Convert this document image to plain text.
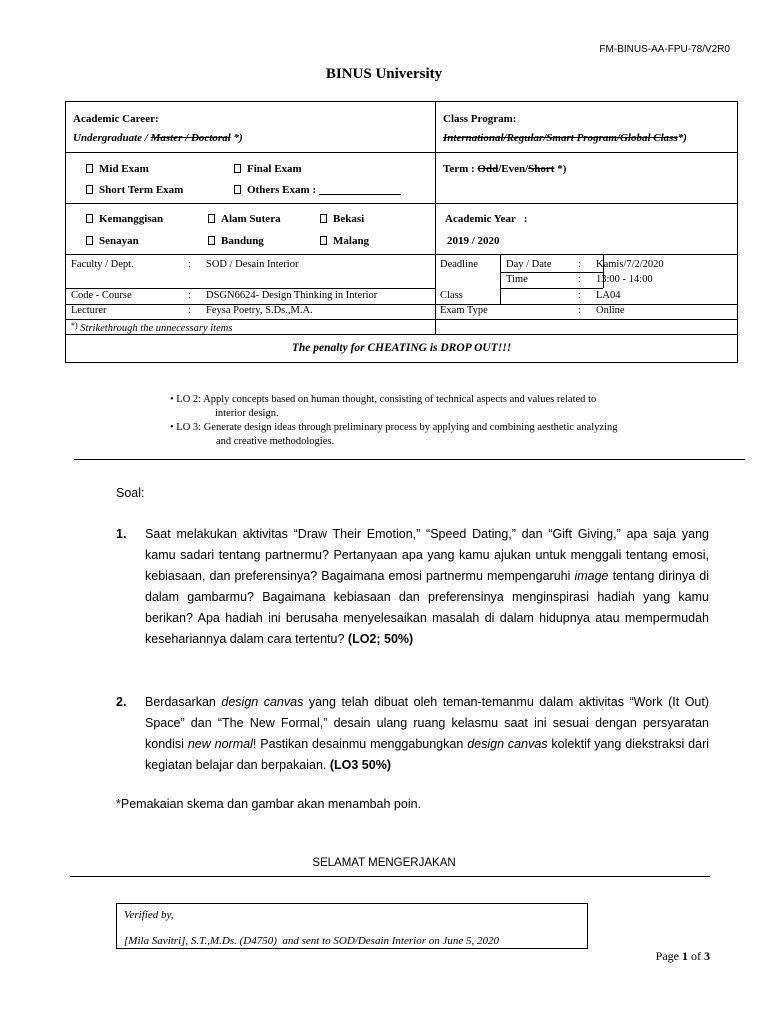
FM-BINUS-AA-FPU-78/V2R0
BINUS University
Academic Career:
Undergraduate / Master / Doctoral *)
Class Program:
International/Regular/Smart Program/Global Class*)
Mid Exam	Final Exam
Short Term Exam	Others Exam :
Term : Odd/Even/Short *)
Kemanggisan	Alam Sutera	Bekasi
Senayan	Bandung	Malang
Academic Year   :
2019 / 2020
Faculty / Dept.	: SOD / Desain Interior
Code - Course	: DSGN6624- Design Thinking in Interior
Lecturer	: Feysa Poetry, S.Ds.,M.A.
Deadline	Day / Date	: Kamis/7/2/2020
Time	: 13:00 - 14:00
Class	: LA04
Exam Type	: Online
*) Strikethrough the unnecessary items
The penalty for CHEATING is DROP OUT!!!
• LO 2: Apply concepts based on human thought, consisting of technical aspects and values related to
interior design.
• LO 3: Generate design ideas through preliminary process by applying and combining aesthetic analyzing
and creative methodologies.
Soal:
1. Saat melakukan aktivitas “Draw Their Emotion,” “Speed Dating,” dan “Gift Giving,” apa saja yang kamu sadari tentang partnermu? Pertanyaan apa yang kamu ajukan untuk menggali tentang emosi, kebiasaan, dan preferensinya? Bagaimana emosi partnermu mempengaruhi image tentang dirinya di dalam gambarmu? Bagaimana kebiasaan dan preferensinya menginspirasi hadiah yang kamu berikan? Apa hadiah ini berusaha menyelesaikan masalah di dalam hidupnya atau mempermudah kesehariannya dalam cara tertentu? (LO2; 50%)
2. Berdasarkan design canvas yang telah dibuat oleh teman-temanmu dalam aktivitas “Work (It Out) Space” dan “The New Formal,” desain ulang ruang kelasmu saat ini sesuai dengan persyaratan kondisi new normal! Pastikan desainmu menggabungkan design canvas kolektif yang diekstraksi dari kegiatan belajar dan berpakaian. (LO3 50%)
*Pemakaian skema dan gambar akan menambah poin.
SELAMAT MENGERJAKAN
Verified by,
[Mila Savitri], S.T.,M.Ds. (D4750)  and sent to SOD/Desain Interior on June 5, 2020
Page 1 of 3
